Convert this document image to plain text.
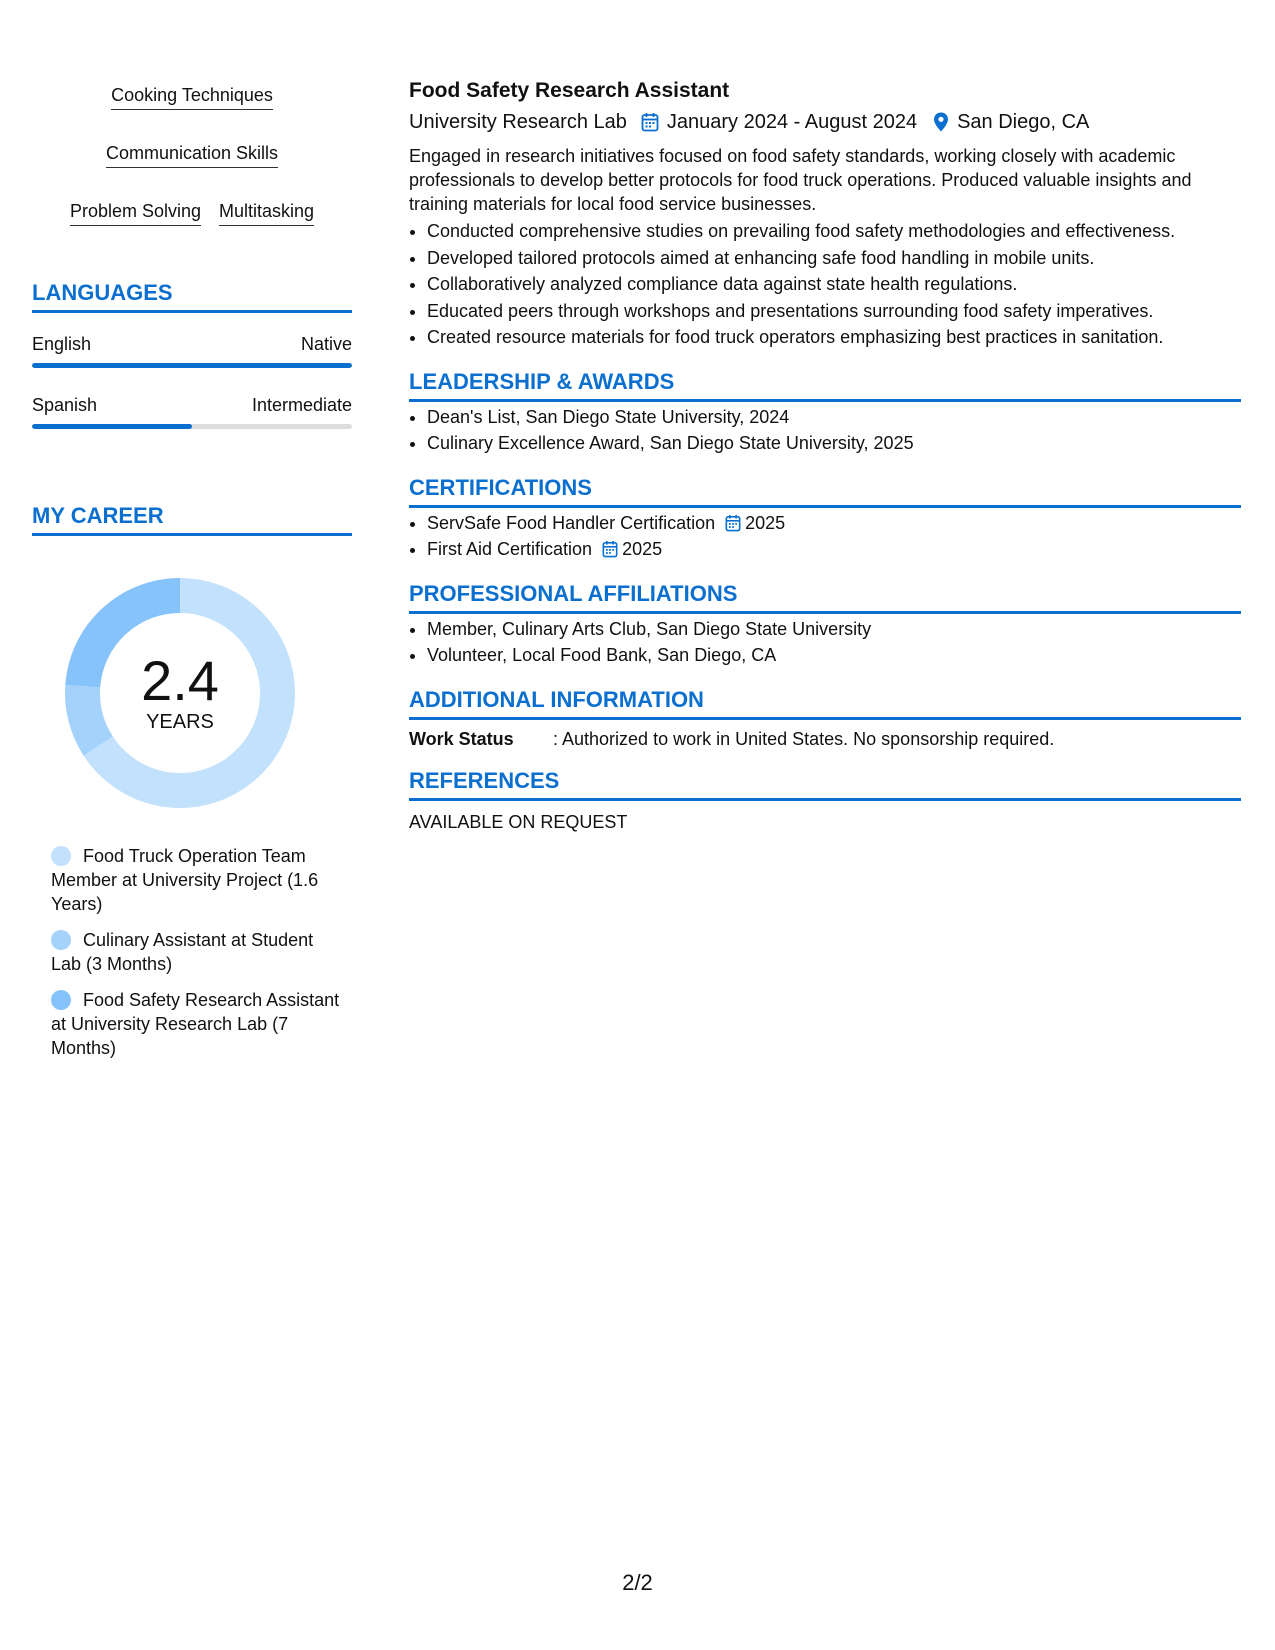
Cooking Techniques
Communication Skills
Problem Solving Multitasking
LANGUAGES
English	Native
Spanish	Intermediate
MY CAREER
2.4
YEARS
Food Truck Operation Team Member at University Project (1.6 Years)
Culinary Assistant at Student Lab (3 Months)
Food Safety Research Assistant at University Research Lab (7 Months)
Food Safety Research Assistant
University Research Lab January 2024 - August 2024 San Diego, CA
Engaged in research initiatives focused on food safety standards, working closely with academic professionals to develop better protocols for food truck operations. Produced valuable insights and training materials for local food service businesses.
• Conducted comprehensive studies on prevailing food safety methodologies and effectiveness.
• Developed tailored protocols aimed at enhancing safe food handling in mobile units.
• Collaboratively analyzed compliance data against state health regulations.
• Educated peers through workshops and presentations surrounding food safety imperatives.
• Created resource materials for food truck operators emphasizing best practices in sanitation.
LEADERSHIP & AWARDS
• Dean's List, San Diego State University, 2024
• Culinary Excellence Award, San Diego State University, 2025
CERTIFICATIONS
• ServSafe Food Handler Certification 2025
• First Aid Certification 2025
PROFESSIONAL AFFILIATIONS
• Member, Culinary Arts Club, San Diego State University
• Volunteer, Local Food Bank, San Diego, CA
ADDITIONAL INFORMATION
Work Status	: Authorized to work in United States. No sponsorship required.
REFERENCES
AVAILABLE ON REQUEST
2/2
